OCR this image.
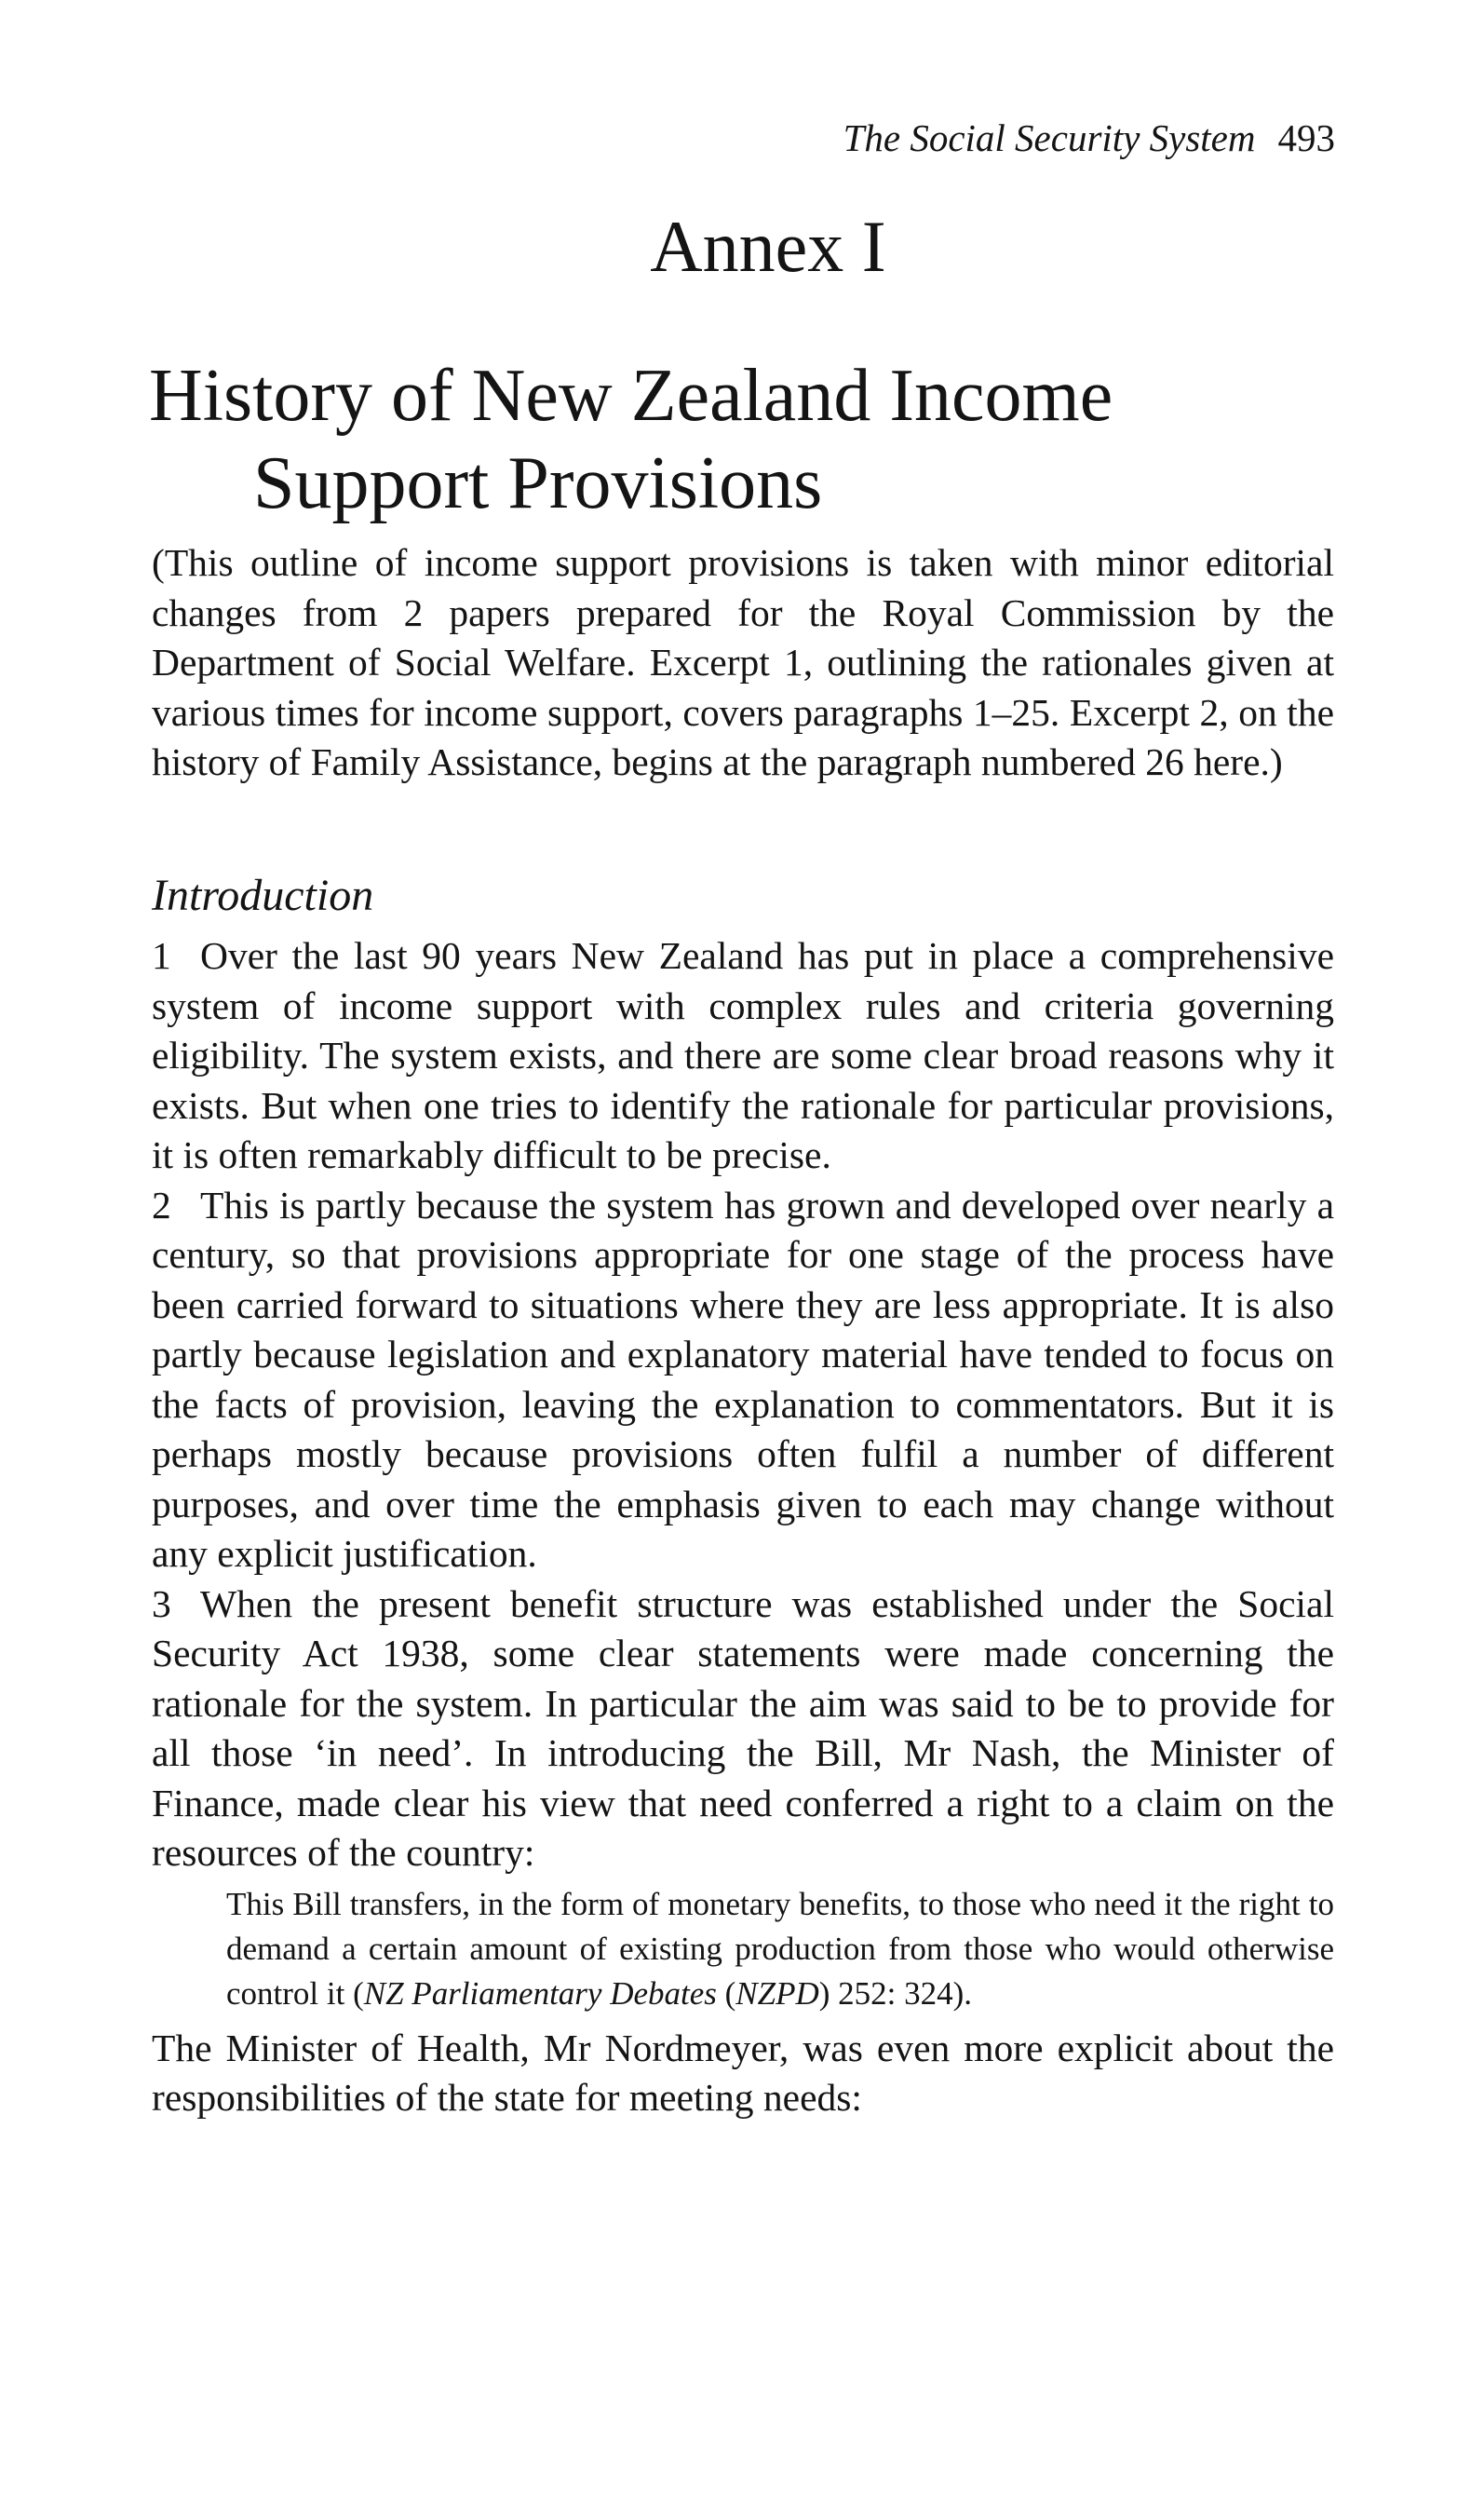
The Social Security System 493
Annex I
History of New Zealand Income
Support Provisions
(This outline of income support provisions is taken with minor editorial changes from 2 papers prepared for the Royal Commission by the Department of Social Welfare. Excerpt 1, outlining the rationales given at various times for income support, covers paragraphs 1–25. Excerpt 2, on the history of Family Assistance, begins at the paragraph numbered 26 here.)
Introduction

1 Over the last 90 years New Zealand has put in place a comprehensive system of income support with complex rules and criteria governing eligibility. The system exists, and there are some clear broad reasons why it exists. But when one tries to identify the rationale for particular provisions, it is often remarkably difficult to be precise.

2 This is partly because the system has grown and developed over nearly a century, so that provisions appropriate for one stage of the process have been carried forward to situations where they are less appropriate. It is also partly because legislation and explanatory material have tended to focus on the facts of provision, leaving the explanation to commentators. But it is perhaps mostly because provisions often fulfil a number of different purposes, and over time the emphasis given to each may change without any explicit justification.

3 When the present benefit structure was established under the Social Security Act 1938, some clear statements were made concerning the rationale for the system. In particular the aim was said to be to provide for all those ‘in need’. In introducing the Bill, Mr Nash, the Minister of Finance, made clear his view that need conferred a right to a claim on the resources of the country:

This Bill transfers, in the form of monetary benefits, to those who need it the right to demand a certain amount of existing production from those who would otherwise control it (NZ Parliamentary Debates (NZPD) 252: 324).

The Minister of Health, Mr Nordmeyer, was even more explicit about the responsibilities of the state for meeting needs:
